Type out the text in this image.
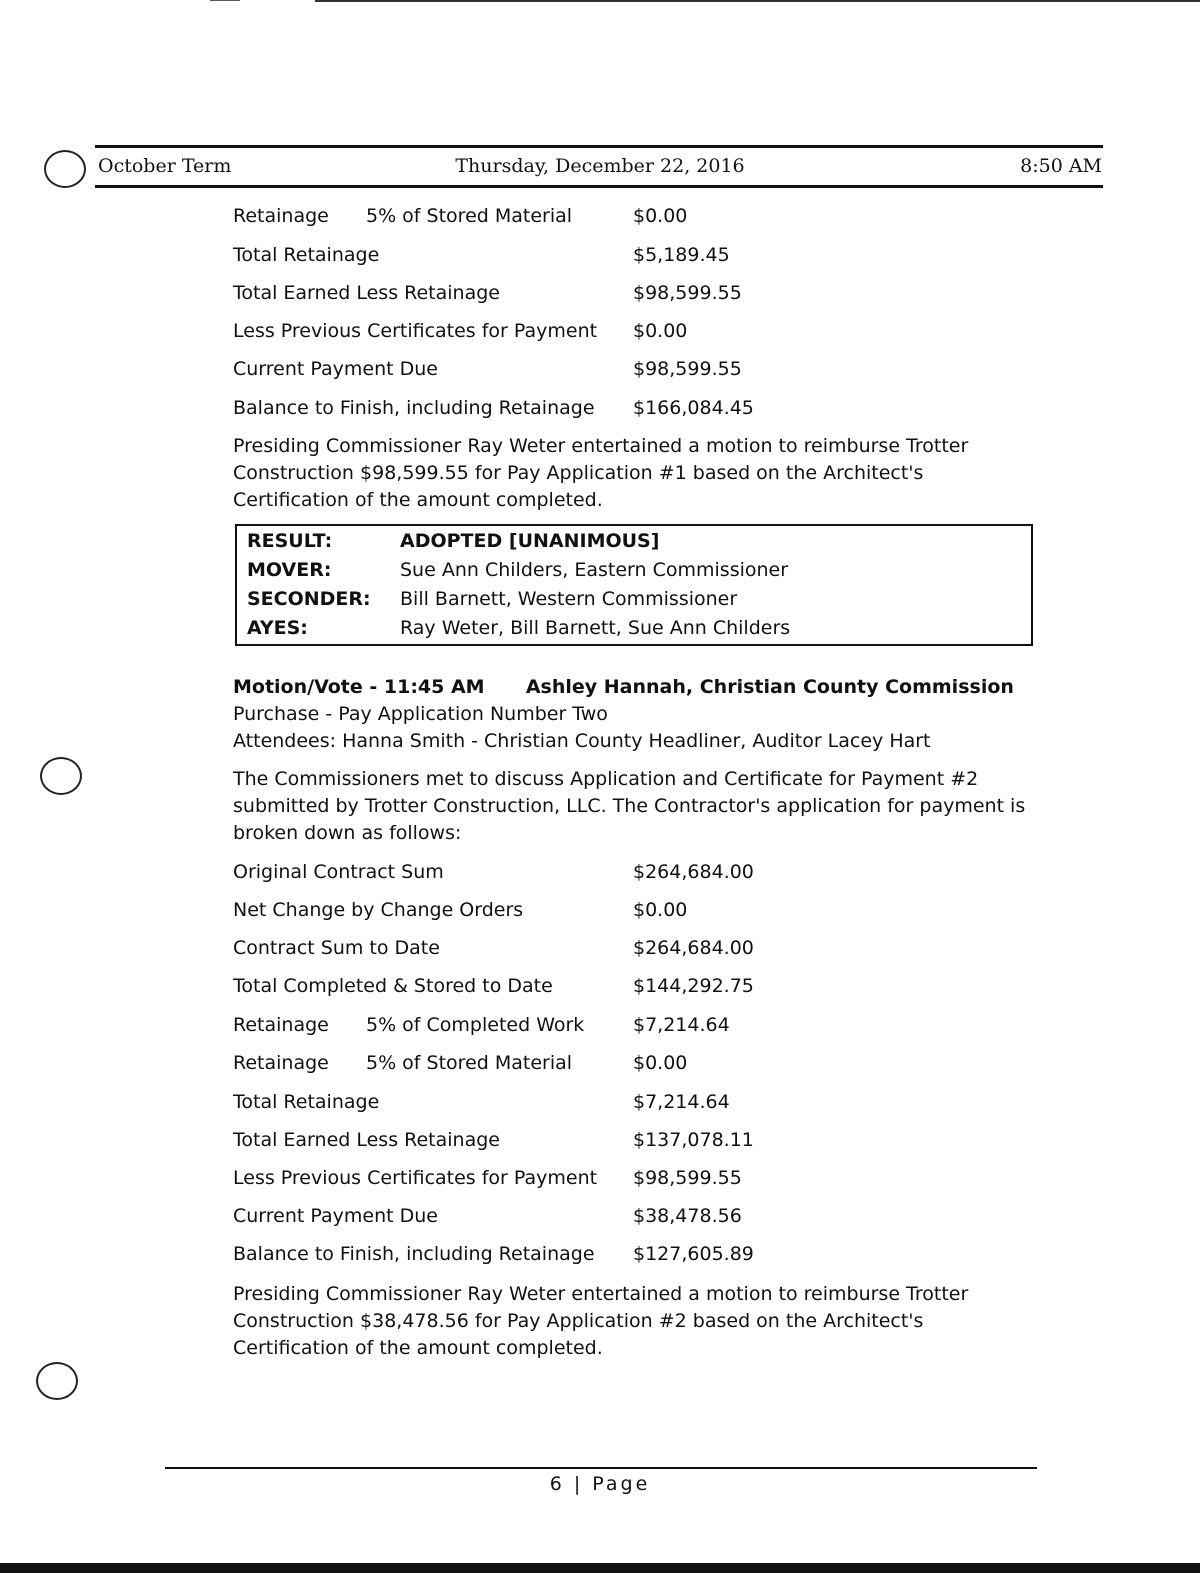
October Term	Thursday, December 22, 2016	8:50 AM
Retainage 5% of Stored Material	$0.00
Total Retainage	$5,189.45
Total Earned Less Retainage	$98,599.55
Less Previous Certificates for Payment $0.00
Current Payment Due	$98,599.55
Balance to Finish, including Retainage $166,084.45
Presiding Commissioner Ray Weter entertained a motion to reimburse Trotter Construction $98,599.55 for Pay Application #1 based on the Architect's Certification of the amount completed.
RESULT:	ADOPTED [UNANIMOUS]
MOVER:	Sue Ann Childers, Eastern Commissioner
SECONDER: Bill Barnett, Western Commissioner
AYES:	Ray Weter, Bill Barnett, Sue Ann Childers
Motion/Vote - 11:45 AM Ashley Hannah, Christian County Commission
Purchase - Pay Application Number Two
Attendees: Hanna Smith - Christian County Headliner, Auditor Lacey Hart
The Commissioners met to discuss Application and Certificate for Payment #2 submitted by Trotter Construction, LLC. The Contractor's application for payment is broken down as follows:
Original Contract Sum	$264,684.00
Net Change by Change Orders	$0.00
Contract Sum to Date	$264,684.00
Total Completed & Stored to Date	$144,292.75
Retainage 5% of Completed Work	$7,214.64
Retainage 5% of Stored Material	$0.00
Total Retainage	$7,214.64
Total Earned Less Retainage	$137,078.11
Less Previous Certificates for Payment $98,599.55
Current Payment Due	$38,478.56
Balance to Finish, including Retainage $127,605.89
Presiding Commissioner Ray Weter entertained a motion to reimburse Trotter Construction $38,478.56 for Pay Application #2 based on the Architect's Certification of the amount completed.
6 | Page
